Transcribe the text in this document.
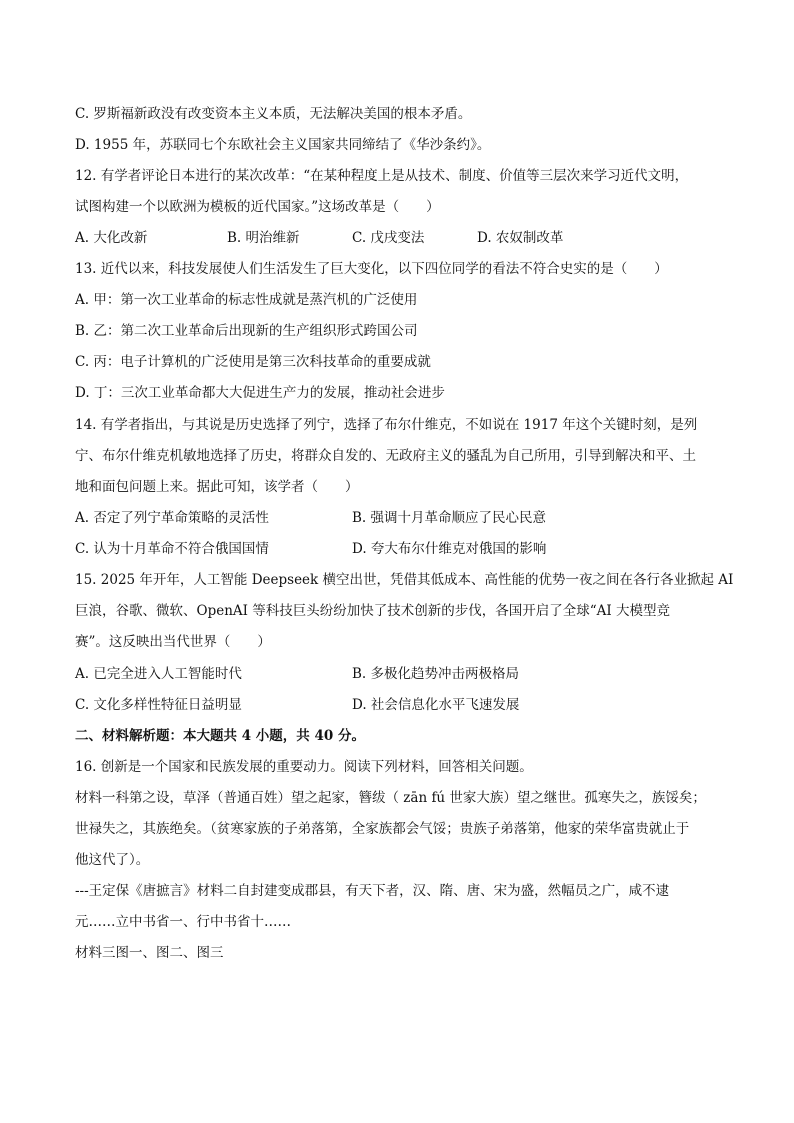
C. 罗斯福新政没有改变资本主义本质，无法解决美国的根本矛盾。
D. 1955 年，苏联同七个东欧社会主义国家共同缔结了《华沙条约》。
12. 有学者评论日本进行的某次改革：“在某种程度上是从技术、制度、价值等三层次来学习近代文明，
试图构建一个以欧洲为模板的近代国家。”这场改革是（　　）
A. 大化改新	B. 明治维新	C. 戊戌变法	D. 农奴制改革
13. 近代以来，科技发展使人们生活发生了巨大变化，以下四位同学的看法不符合史实的是（　　）
A. 甲：第一次工业革命的标志性成就是蒸汽机的广泛使用
B. 乙：第二次工业革命后出现新的生产组织形式跨国公司
C. 丙：电子计算机的广泛使用是第三次科技革命的重要成就
D. 丁：三次工业革命都大大促进生产力的发展，推动社会进步
14. 有学者指出，与其说是历史选择了列宁，选择了布尔什维克，不如说在 1917 年这个关键时刻，是列
宁、布尔什维克机敏地选择了历史，将群众自发的、无政府主义的骚乱为自己所用，引导到解决和平、土
地和面包问题上来。据此可知，该学者（　　）
A. 否定了列宁革命策略的灵活性	B. 强调十月革命顺应了民心民意
C. 认为十月革命不符合俄国国情	D. 夸大布尔什维克对俄国的影响
15. 2025 年开年，人工智能 Deepseek 横空出世，凭借其低成本、高性能的优势一夜之间在各行各业掀起 AI
巨浪，谷歌、微软、OpenAI 等科技巨头纷纷加快了技术创新的步伐，各国开启了全球“AI 大模型竞
赛”。这反映出当代世界（　　）
A. 已完全进入人工智能时代	B. 多极化趋势冲击两极格局
C. 文化多样性特征日益明显	D. 社会信息化水平飞速发展
二、材料解析题：本大题共 4 小题，共 40 分。
16. 创新是一个国家和民族发展的重要动力。阅读下列材料，回答相关问题。
材料一科第之设，草泽（普通百姓）望之起家，簪绂（ zān fú 世家大族）望之继世。孤寒失之，族馁矣；
世禄失之，其族绝矣。（贫寒家族的子弟落第，全家族都会气馁；贵族子弟落第，他家的荣华富贵就止于
他这代了）。
---王定保《唐摭言》材料二自封建变成郡县，有天下者，汉、隋、唐、宋为盛，然幅员之广，咸不逮
元……立中书省一、行中书省十……
材料三图一、图二、图三
